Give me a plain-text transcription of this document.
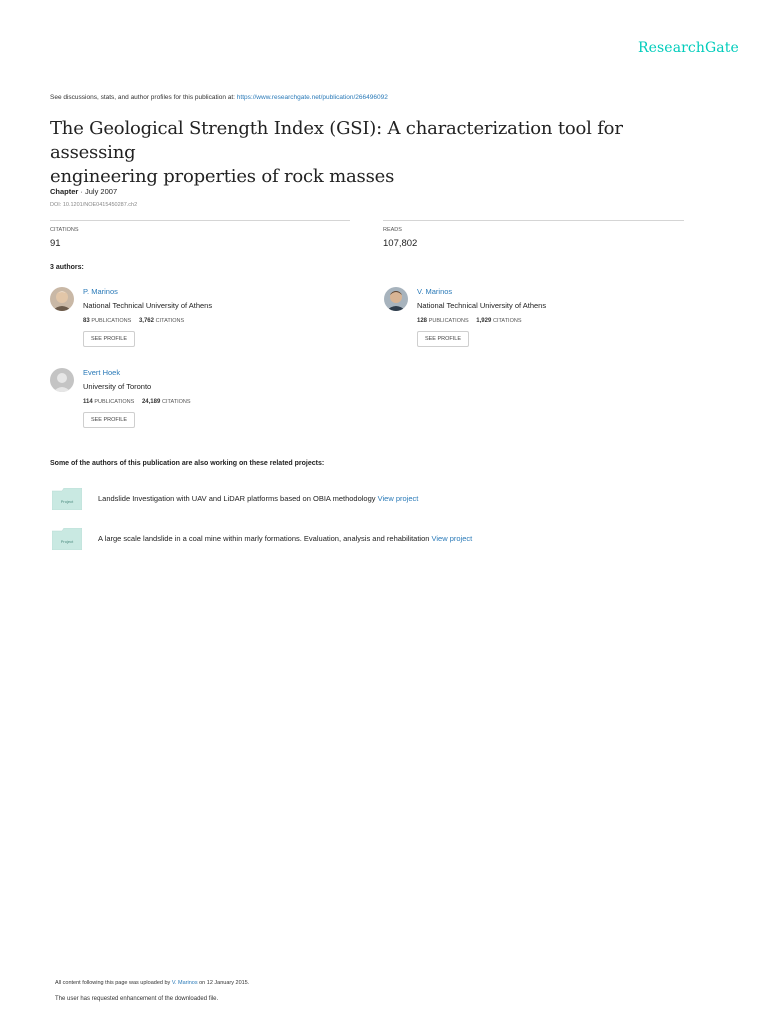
ResearchGate
See discussions, stats, and author profiles for this publication at: https://www.researchgate.net/publication/266496092
The Geological Strength Index (GSI): A characterization tool for assessing
engineering properties of rock masses
Chapter · July 2007
DOI: 10.1201/NOE0415450287.ch2
CITATIONS
91
READS
107,802
3 authors:
P. Marinos
National Technical University of Athens
83 PUBLICATIONS 3,762 CITATIONS
SEE PROFILE
V. Marinos
National Technical University of Athens
128 PUBLICATIONS 1,929 CITATIONS
SEE PROFILE
Evert Hoek
University of Toronto
114 PUBLICATIONS 24,189 CITATIONS
SEE PROFILE
Some of the authors of this publication are also working on these related projects:
Project	Landslide Investigation with UAV and LiDAR platforms based on OBIA methodology View project
Project	A large scale landslide in a coal mine within marly formations. Evaluation, analysis and rehabilitation View project
All content following this page was uploaded by V. Marinos on 12 January 2015.
The user has requested enhancement of the downloaded file.
